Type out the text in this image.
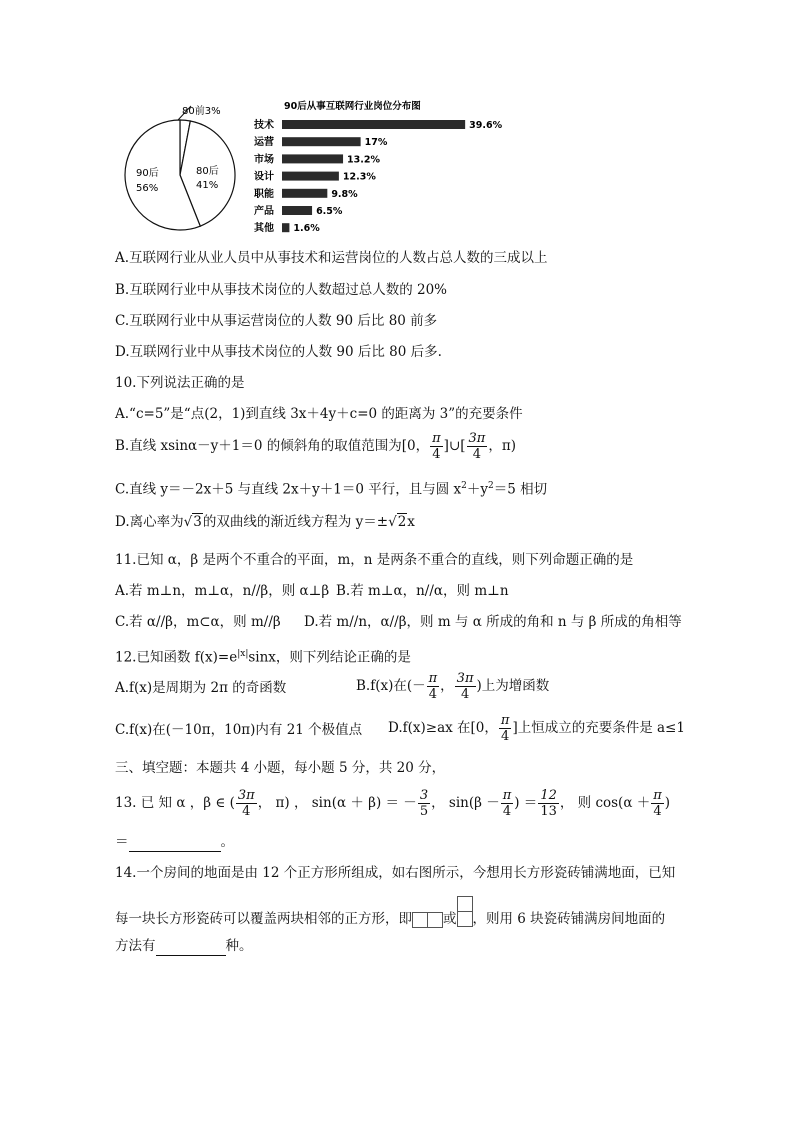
80前3%
80后
41%
90后
56%
90后从事互联网行业岗位分布图
技术	39.6%
运营	17%
市场	13.2%
设计	12.3%
职能	9.8%
产品	6.5%
其他 1.6%
A.互联网行业从业人员中从事技术和运营岗位的人数占总人数的三成以上
B.互联网行业中从事技术岗位的人数超过总人数的 20%
C.互联网行业中从事运营岗位的人数 90 后比 80 前多
D.互联网行业中从事技术岗位的人数 90 后比 80 后多.
10.下列说法正确的是
A.“c=5”是“点(2，1)到直线 3x＋4y＋c=0 的距离为 3”的充要条件
B.直线 xsinα－y＋1＝0 的倾斜角的取值范围为[0， $\frac{\pi}{4}$ ]∪[ $\frac{3\pi}{4}$ ，π)
C.直线 y＝－2x＋5 与直线 2x＋y＋1＝0 平行，且与圆 $x^2+y^2=5$ 相切
D.离心率为√3的双曲线的渐近线方程为 y＝±√2x
11.已知 α，β 是两个不重合的平面，m，n 是两条不重合的直线，则下列命题正确的是
A.若 m⊥n，m⊥α，n//β，则 α⊥β B.若 m⊥α，n//α，则 m⊥n
C.若 α//β，m⊂α，则 m//β D.若 m//n，α//β，则 m 与 α 所成的角和 n 与 β 所成的角相等
12.已知函数 $f(x)=e^{|x|}\sin x$，则下列结论正确的是
A.f(x)是周期为 2π 的奇函数	B.f(x)在(－ $\frac{\pi}{4}$ ， $\frac{3\pi}{4}$ )上为增函数
C.f(x)在(－10π，10π)内有 21 个极值点 D.f(x)≥ax 在[0， $\frac{\pi}{4}$ ]上恒成立的充要条件是 a≤1
三、填空题：本题共 4 小题，每小题 5 分，共 20 分，
13. 已 知 α ，β ∈ ( $\frac{3\pi}{4}$ ， π) ， sin(α ＋ β) ＝ － $\frac{3}{5}$ ， $\sin(\beta - \frac{\pi}{4}$ ) ＝ $\frac{12}{13}$ ， 则 $\cos(\alpha + \frac{\pi}{4}$ )
＝	。
14.一个房间的地面是由 12 个正方形所组成，如右图所示，今想用长方形瓷砖铺满地面，已知
每一块长方形瓷砖可以覆盖两块相邻的正方形，即 或 ，则用 6 块瓷砖铺满房间地面的
方法有	种。
